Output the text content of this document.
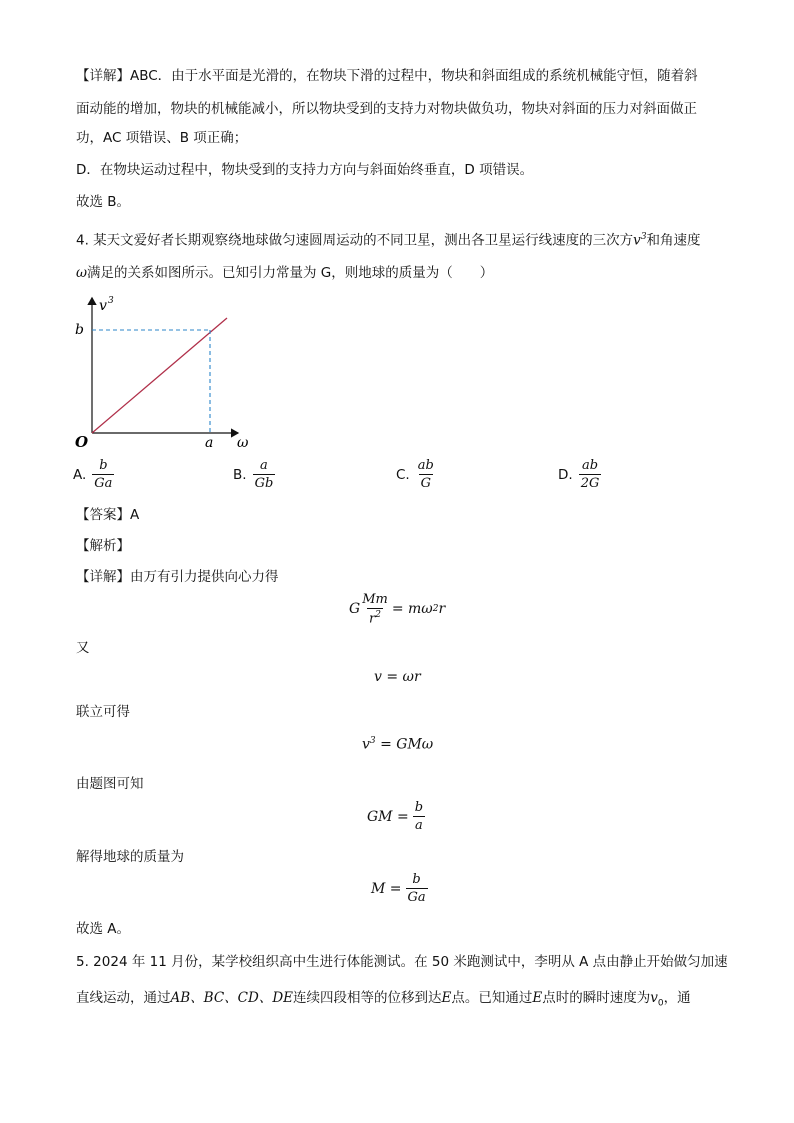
【详解】ABC．由于水平面是光滑的，在物块下滑的过程中，物块和斜面组成的系统机械能守恒，随着斜
面动能的增加，物块的机械能减小，所以物块受到的支持力对物块做负功，物块对斜面的压力对斜面做正
功，AC 项错误、B 项正确；
D．在物块运动过程中，物块受到的支持力方向与斜面始终垂直，D 项错误。
故选 B。
4. 某天文爱好者长期观察绕地球做匀速圆周运动的不同卫星，测出各卫星运行线速度的三次方$v^3$和角速度
ω满足的关系如图所示。已知引力常量为 G，则地球的质量为（　　）
v 3
b
O	a ω
A. $\frac{b}{Ga}$	B. $\frac{a}{Gb}$	C. $\frac{ab}{G}$	D. $\frac{ab}{2G}$
【答案】A
【解析】
【详解】由万有引力提供向心力得
G $\frac{Mm}{r^2} = m\omega$ 2 r
又
v = ωr
联立可得
$v^3 = GM\omega$
由题图可知
GM = $\frac{b}{a}$
解得地球的质量为
$M = \frac{b}{Ga}$
故选 A。
5. 2024 年 11 月份，某学校组织高中生进行体能测试。在 50 米跑测试中，李明从 A 点由静止开始做匀加速
直线运动，通过AB、BC、CD、DE连续四段相等的位移到达E点。已知通过E点时的瞬时速度为$v_0$，通
